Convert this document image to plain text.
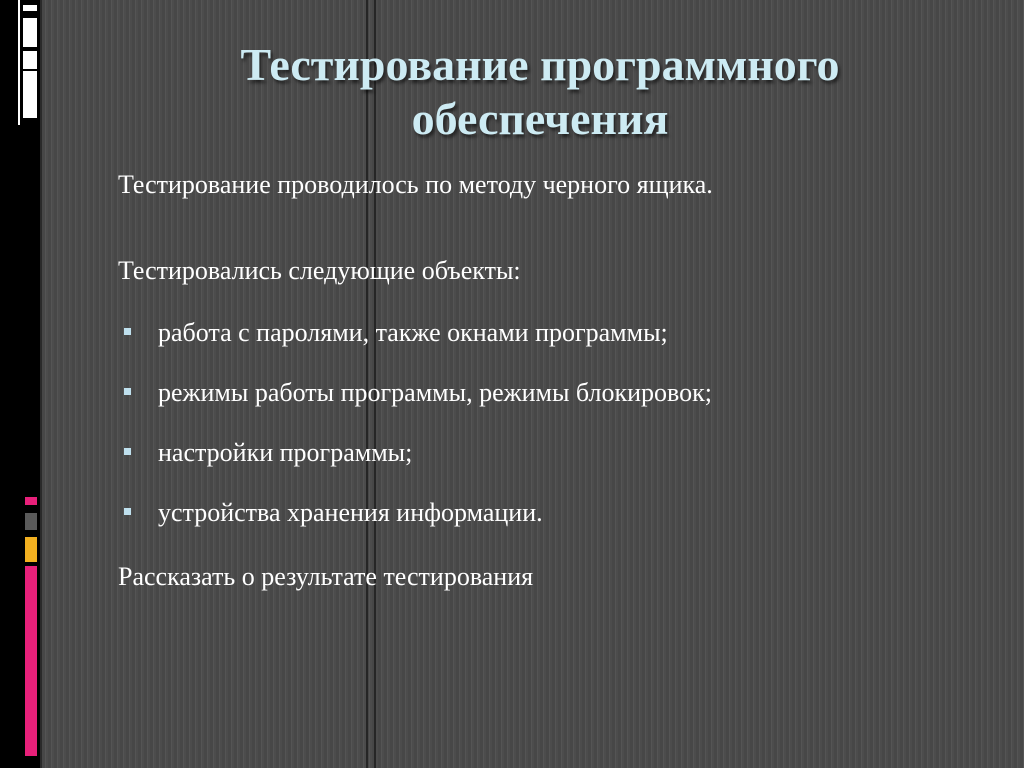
Тестирование программного обеспечения

Тестирование проводилось по методу черного ящика.

Тестировались следующие объекты:

работа с паролями, также окнами программы;
режимы работы программы, режимы блокировок;
настройки программы;
устройства хранения информации.

Рассказать о результате тестирования
